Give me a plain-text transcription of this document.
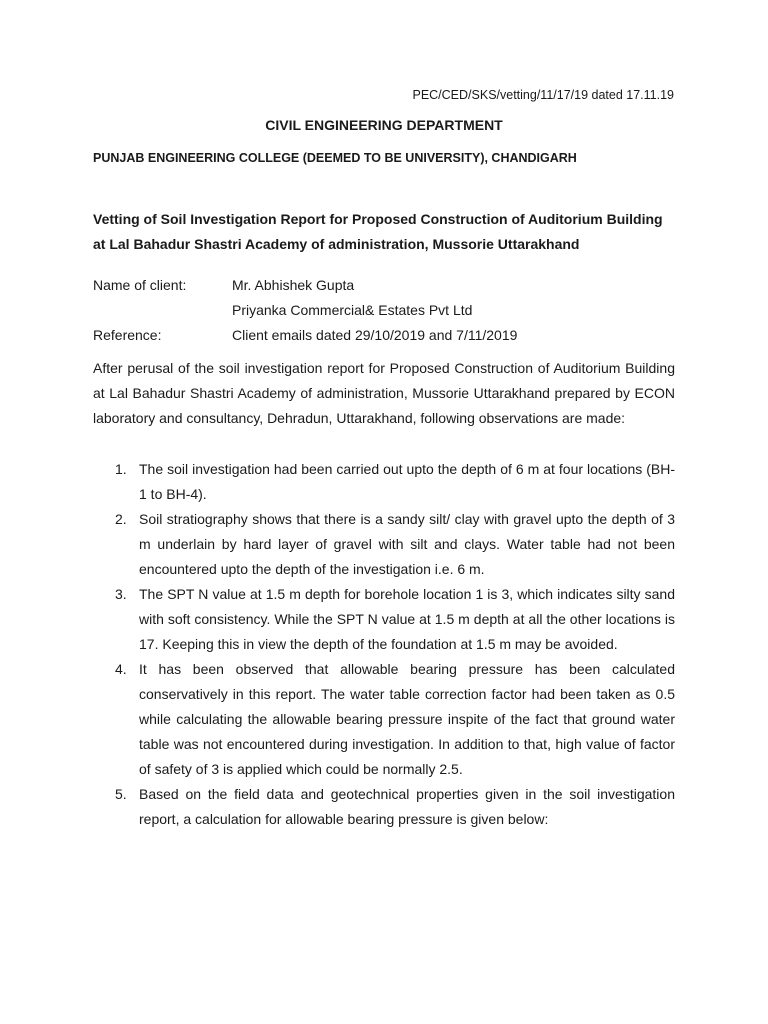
PEC/CED/SKS/vetting/11/17/19 dated 17.11.19
CIVIL ENGINEERING DEPARTMENT
PUNJAB ENGINEERING COLLEGE (DEEMED TO BE UNIVERSITY), CHANDIGARH
Vetting of Soil Investigation Report for Proposed Construction of Auditorium Building
at Lal Bahadur Shastri Academy of administration, Mussorie Uttarakhand
Name of client:	Mr. Abhishek Gupta
Priyanka Commercial& Estates Pvt Ltd
Reference:	Client emails dated 29/10/2019 and 7/11/2019
After perusal of the soil investigation report for Proposed Construction of Auditorium Building at Lal Bahadur Shastri Academy of administration, Mussorie Uttarakhand prepared by ECON laboratory and consultancy, Dehradun, Uttarakhand, following observations are made:
1. The soil investigation had been carried out upto the depth of 6 m at four locations (BH-1 to BH-4).
2. Soil stratiography shows that there is a sandy silt/ clay with gravel upto the depth of 3 m underlain by hard layer of gravel with silt and clays. Water table had not been encountered upto the depth of the investigation i.e. 6 m.
3. The SPT N value at 1.5 m depth for borehole location 1 is 3, which indicates silty sand with soft consistency. While the SPT N value at 1.5 m depth at all the other locations is 17. Keeping this in view the depth of the foundation at 1.5 m may be avoided.
4. It has been observed that allowable bearing pressure has been calculated conservatively in this report. The water table correction factor had been taken as 0.5 while calculating the allowable bearing pressure inspite of the fact that ground water table was not encountered during investigation. In addition to that, high value of factor of safety of 3 is applied which could be normally 2.5.
5. Based on the field data and geotechnical properties given in the soil investigation report, a calculation for allowable bearing pressure is given below:
